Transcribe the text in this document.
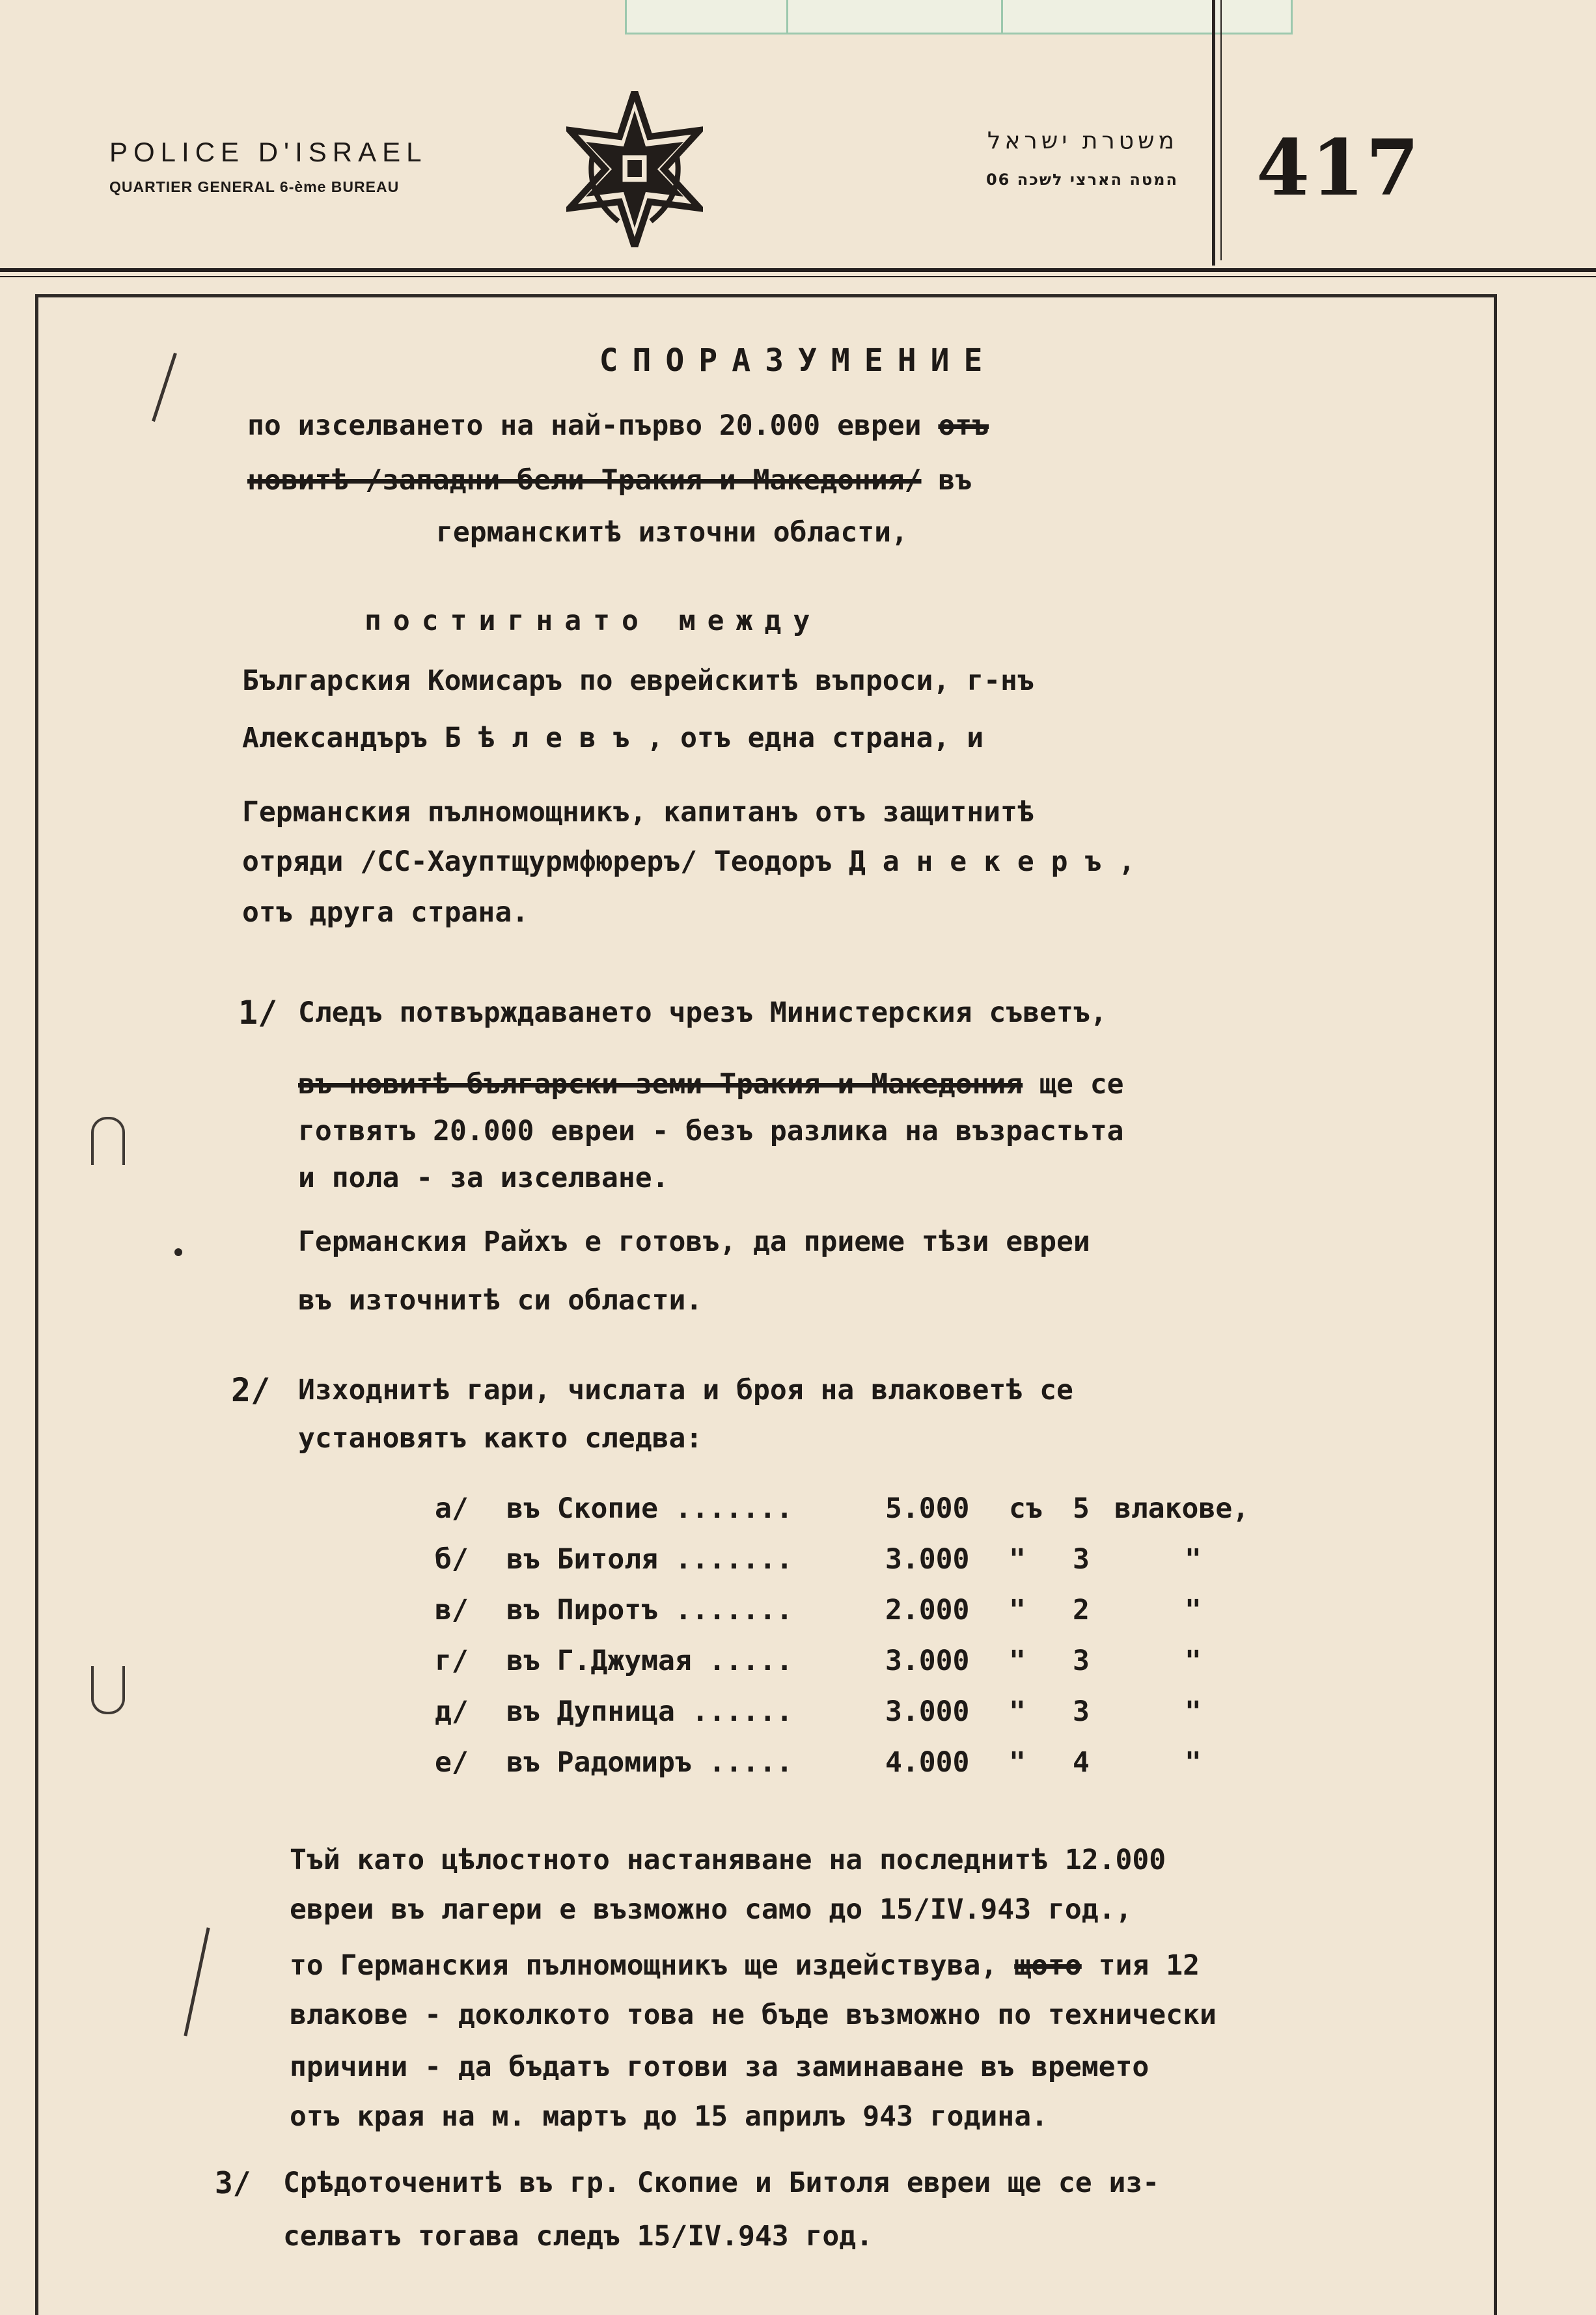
POLICE D'ISRAEL
QUARTIER GENERAL 6-ème BUREAU
משטרת ישראל
המטה הארצי לשכה 06 417
СПОРАЗУМЕНИЕ
по изселването на най-първо 20.000 евреи отъ
новитѣ /западни-бели Тракия и Македония/ въ
германскитѣ източни области,
постигнато между
Българския Комисаръ по еврейскитѣ въпроси, г-нъ
Александъръ Б ѣ л е в ъ , отъ една страна, и
Германския пълномощникъ, капитанъ отъ защитнитѣ
отряди /СС-Хауптщурмфюреръ/ Теодоръ Д а н е к е р ъ ,
отъ друга страна.
1/ Следъ потвърждаването чрезъ Министерския съветъ,
въ новитѣ български земи Тракия и Македония ще се
готвятъ 20.000 евреи - безъ разлика на възрастьта
и пола - за изселване.
Германския Райхъ е готовъ, да приеме тѣзи евреи
въ източнитѣ си области.
2/ Изходнитѣ гари, числата и броя на влаковетѣ се
установятъ както следва:
а/ въ Скопие .......	5.000 съ 5 влакове,
б/ въ Битоля .......	3.000 " 3	"
в/ въ Пиротъ .......	2.000 " 2	"
г/ въ Г.Джумая .....	3.000 " 3	"
д/ въ Дупница ......	3.000 " 3	"
е/ въ Радомиръ .....	4.000 " 4	"
Тъй като цѣлостното настаняване на последнитѣ 12.000
евреи въ лагери е възможно само до 15/IV.943 год.,
то Германския пълномощникъ ще издействува, щото тия 12
влакове - доколкото това не бъде възможно по технически
причини - да бъдатъ готови за заминаване въ времето
отъ края на м. мартъ до 15 априлъ 943 година.
3/ Срѣдоточенитѣ въ гр. Скопие и Битоля евреи ще се из-
селватъ тогава следъ 15/IV.943 год.
